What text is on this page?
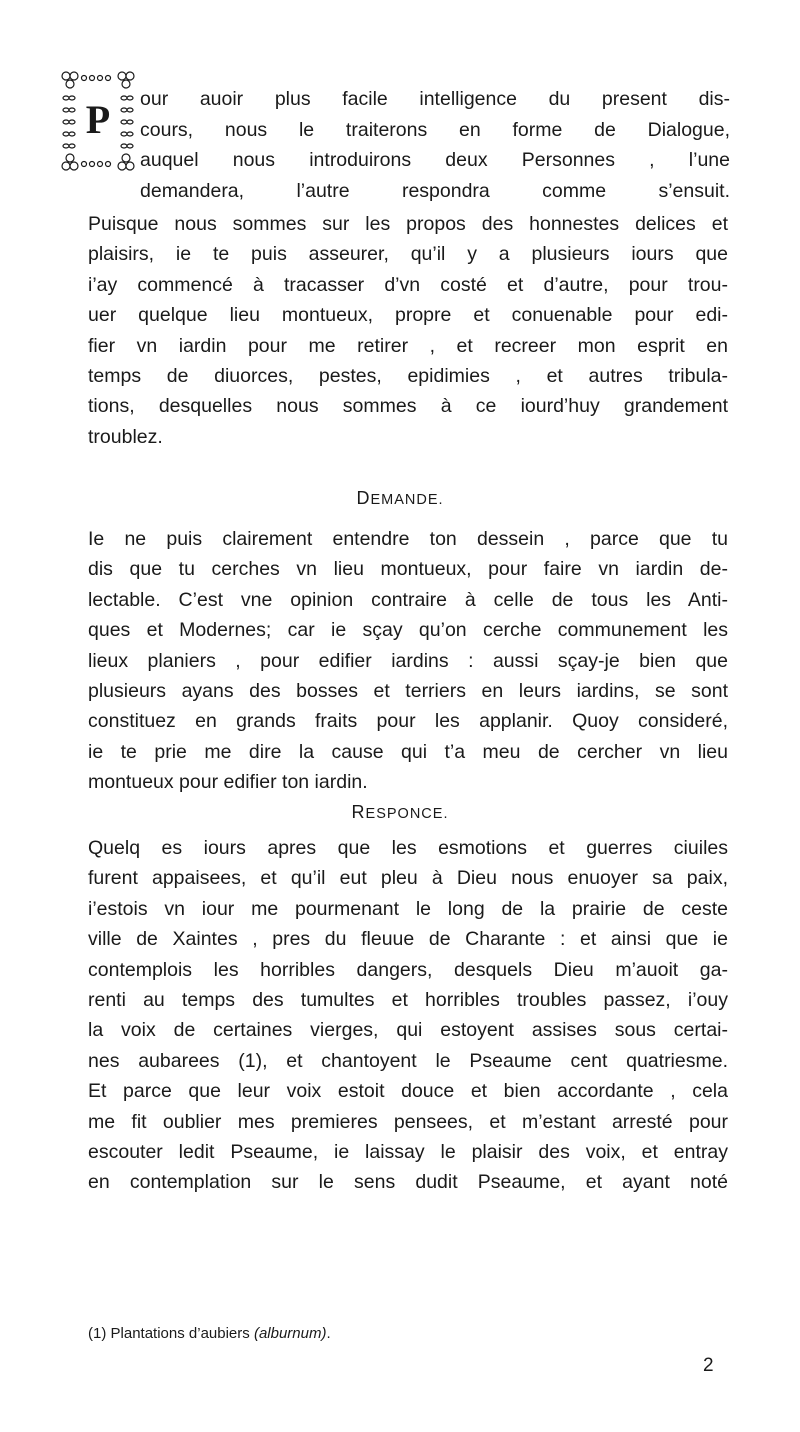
P	our auoir plus facile intelligence du present dis-
cours, nous le traiterons en forme de Dialogue,
auquel nous introduirons deux Personnes , l’une
demandera, l’autre respondra comme s’ensuit.
Puisque nous sommes sur les propos des honnestes delices et
plaisirs, ie te puis asseurer, qu’il y a plusieurs iours que
i’ay commencé à tracasser d’vn costé et d’autre, pour trou-
uer quelque lieu montueux, propre et conuenable pour edi-
fier vn iardin pour me retirer , et recreer mon esprit en
temps de diuorces, pestes, epidimies , et autres tribula-
tions, desquelles nous sommes à ce iourd’huy grandement
troublez.
DEMANDE.
Ie ne puis clairement entendre ton dessein , parce que tu
dis que tu cerches vn lieu montueux, pour faire vn iardin de-
lectable. C’est vne opinion contraire à celle de tous les Anti-
ques et Modernes; car ie sçay qu’on cerche communement les
lieux planiers , pour edifier iardins : aussi sçay-je bien que
plusieurs ayans des bosses et terriers en leurs iardins, se sont
constituez en grands fraits pour les applanir. Quoy consideré,
ie te prie me dire la cause qui t’a meu de cercher vn lieu
montueux pour edifier ton iardin.
RESPONCE.
Quelq es iours apres que les esmotions et guerres ciuiles
furent appaisees, et qu’il eut pleu à Dieu nous enuoyer sa paix,
i’estois vn iour me pourmenant le long de la prairie de ceste
ville de Xaintes , pres du fleuue de Charante : et ainsi que ie
contemplois les horribles dangers, desquels Dieu m’auoit ga-
renti au temps des tumultes et horribles troubles passez, i’ouy
la voix de certaines vierges, qui estoyent assises sous certai-
nes aubarees (1), et chantoyent le Pseaume cent quatriesme.
Et parce que leur voix estoit douce et bien accordante , cela
me fit oublier mes premieres pensees, et m’estant arresté pour
escouter ledit Pseaume, ie laissay le plaisir des voix, et entray
en contemplation sur le sens dudit Pseaume, et ayant noté
(1) Plantations d’aubiers (alburnum).
2
